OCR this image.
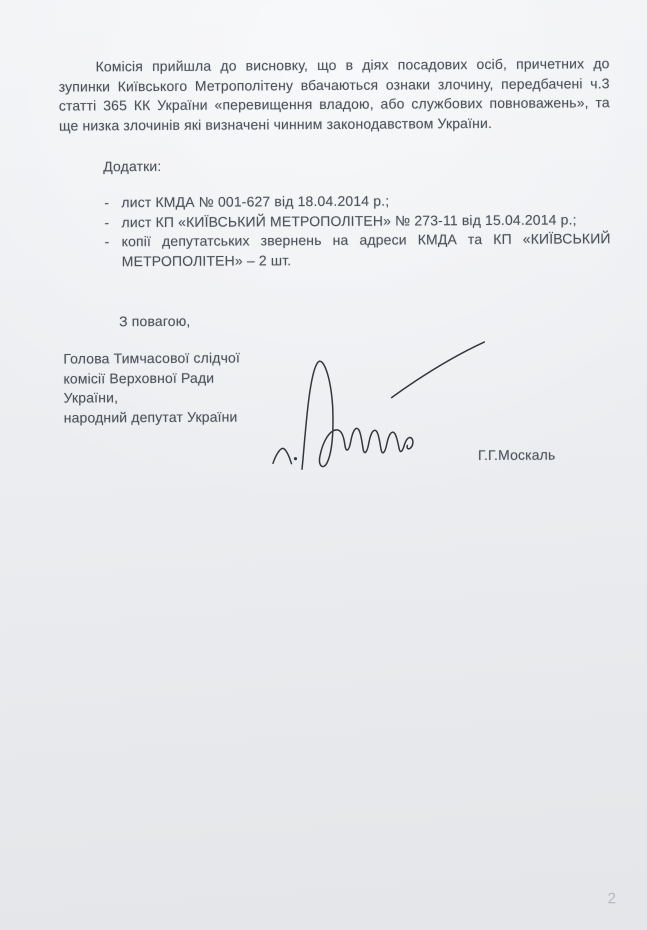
Комісія прийшла до висновку, що в діях посадових осіб, причетних до
зупинки Київського Метрополітену вбачаються ознаки злочину, передбачені ч.3
статті 365 КК України «перевищення владою, або службових повноважень», та
ще низка злочинів які визначені чинним законодавством України.
Додатки:
- лист КМДА № 001-627 від 18.04.2014 р.;
- лист КП «КИЇВСЬКИЙ МЕТРОПОЛІТЕН» № 273-11 від 15.04.2014 р.;
- копії депутатських звернень на адреси КМДА та КП «КИЇВСЬКИЙ
МЕТРОПОЛІТЕН» – 2 шт.
З повагою,
Голова Тимчасової слідчої
комісії Верховної Ради
України,
народний депутат України
Г.Г.Москаль
2
